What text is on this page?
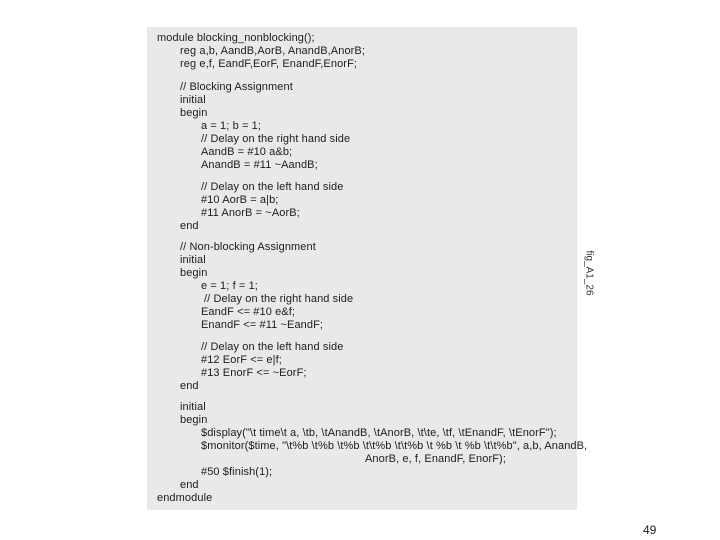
module blocking_nonblocking();
reg a,b, AandB,AorB, AnandB,AnorB;
reg e,f, EandF,EorF, EnandF,EnorF;
// Blocking Assignment
initial
begin
a = 1; b = 1;
// Delay on the right hand side
AandB = #10 a&b;
AnandB = #11 ~AandB;
// Delay on the left hand side
#10 AorB = a|b;
#11 AnorB = ~AorB;
end
// Non-blocking Assignment
initial
begin
e = 1; f = 1;
// Delay on the right hand side
EandF <= #10 e&f;
EnandF <= #11 ~EandF;
// Delay on the left hand side
#12 EorF <= e|f;
#13 EnorF <= ~EorF;
end
initial
begin
$display("\t time\t a, \tb, \tAnandB, \tAnorB, \t\te, \tf, \tEnandF, \tEnorF");
$monitor($time, "\t%b \t%b \t%b \t\t%b \t\t%b \t %b \t %b \t\t%b", a,b, AnandB,
AnorB, e, f, EnandF, EnorF);
#50 $finish(1);
end
endmodule
fig_A1_26
49
